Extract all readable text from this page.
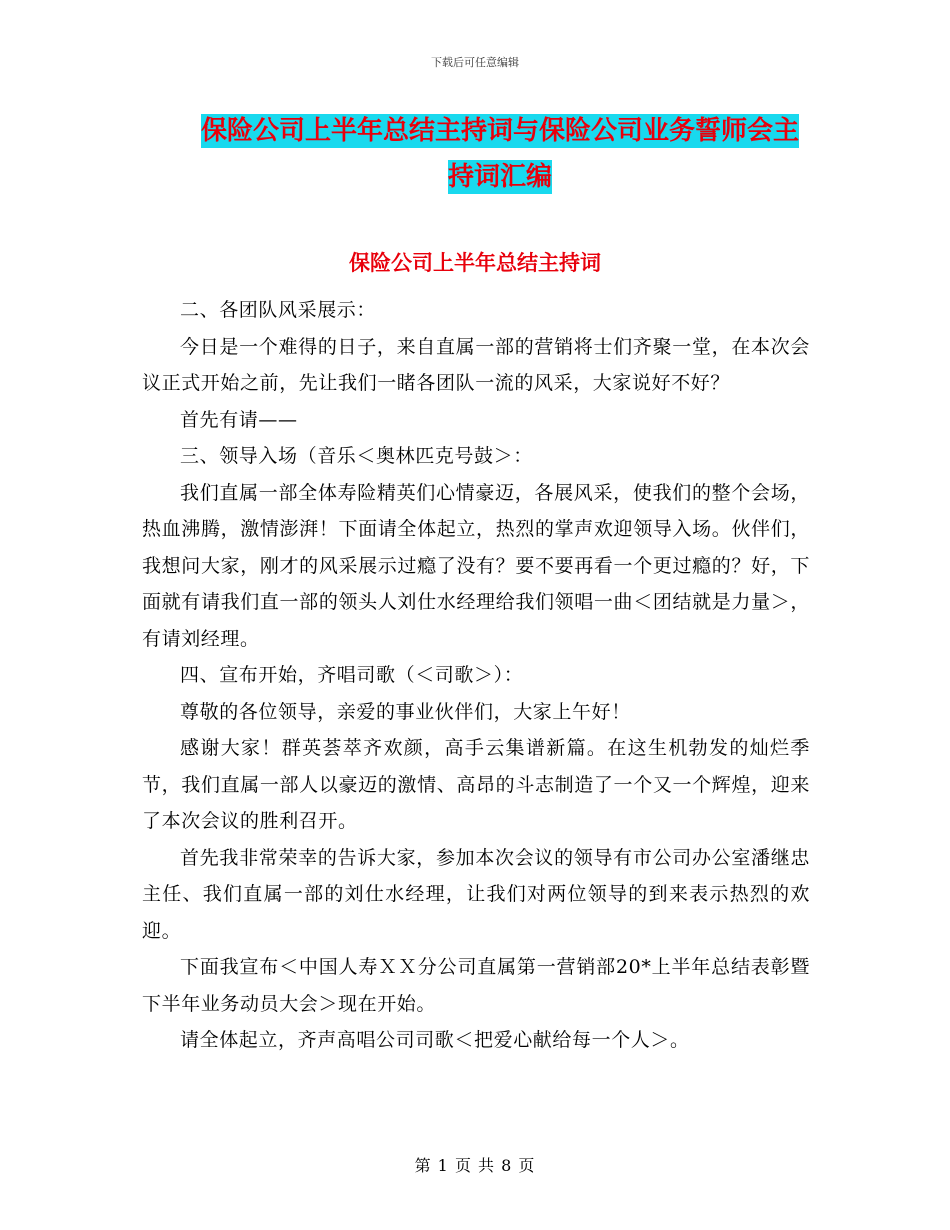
下载后可任意编辑
保险公司上半年总结主持词与保险公司业务誓师会主
持词汇编
保险公司上半年总结主持词

二、各团队风采展示：

今日是一个难得的日子，来自直属一部的营销将士们齐聚一堂，在本次会议正式开始之前，先让我们一睹各团队一流的风采，大家说好不好？

首先有请——

三、领导入场（音乐＜奥林匹克号鼓＞：

我们直属一部全体寿险精英们心情豪迈，各展风采，使我们的整个会场，热血沸腾，激情澎湃！下面请全体起立，热烈的掌声欢迎领导入场。伙伴们，我想问大家，刚才的风采展示过瘾了没有？要不要再看一个更过瘾的？好，下面就有请我们直一部的领头人刘仕水经理给我们领唱一曲＜团结就是力量＞，有请刘经理。

四、宣布开始，齐唱司歌（＜司歌＞）：

尊敬的各位领导，亲爱的事业伙伴们，大家上午好！

感谢大家！群英荟萃齐欢颜，高手云集谱新篇。在这生机勃发的灿烂季节，我们直属一部人以豪迈的激情、高昂的斗志制造了一个又一个辉煌，迎来了本次会议的胜利召开。

首先我非常荣幸的告诉大家，参加本次会议的领导有市公司办公室潘继忠主任、我们直属一部的刘仕水经理，让我们对两位领导的到来表示热烈的欢迎。

下面我宣布＜中国人寿ＸＸ分公司直属第一营销部20*上半年总结表彰暨下半年业务动员大会＞现在开始。

请全体起立，齐声高唱公司司歌＜把爱心献给每一个人＞。

第 1 页 共 8 页
